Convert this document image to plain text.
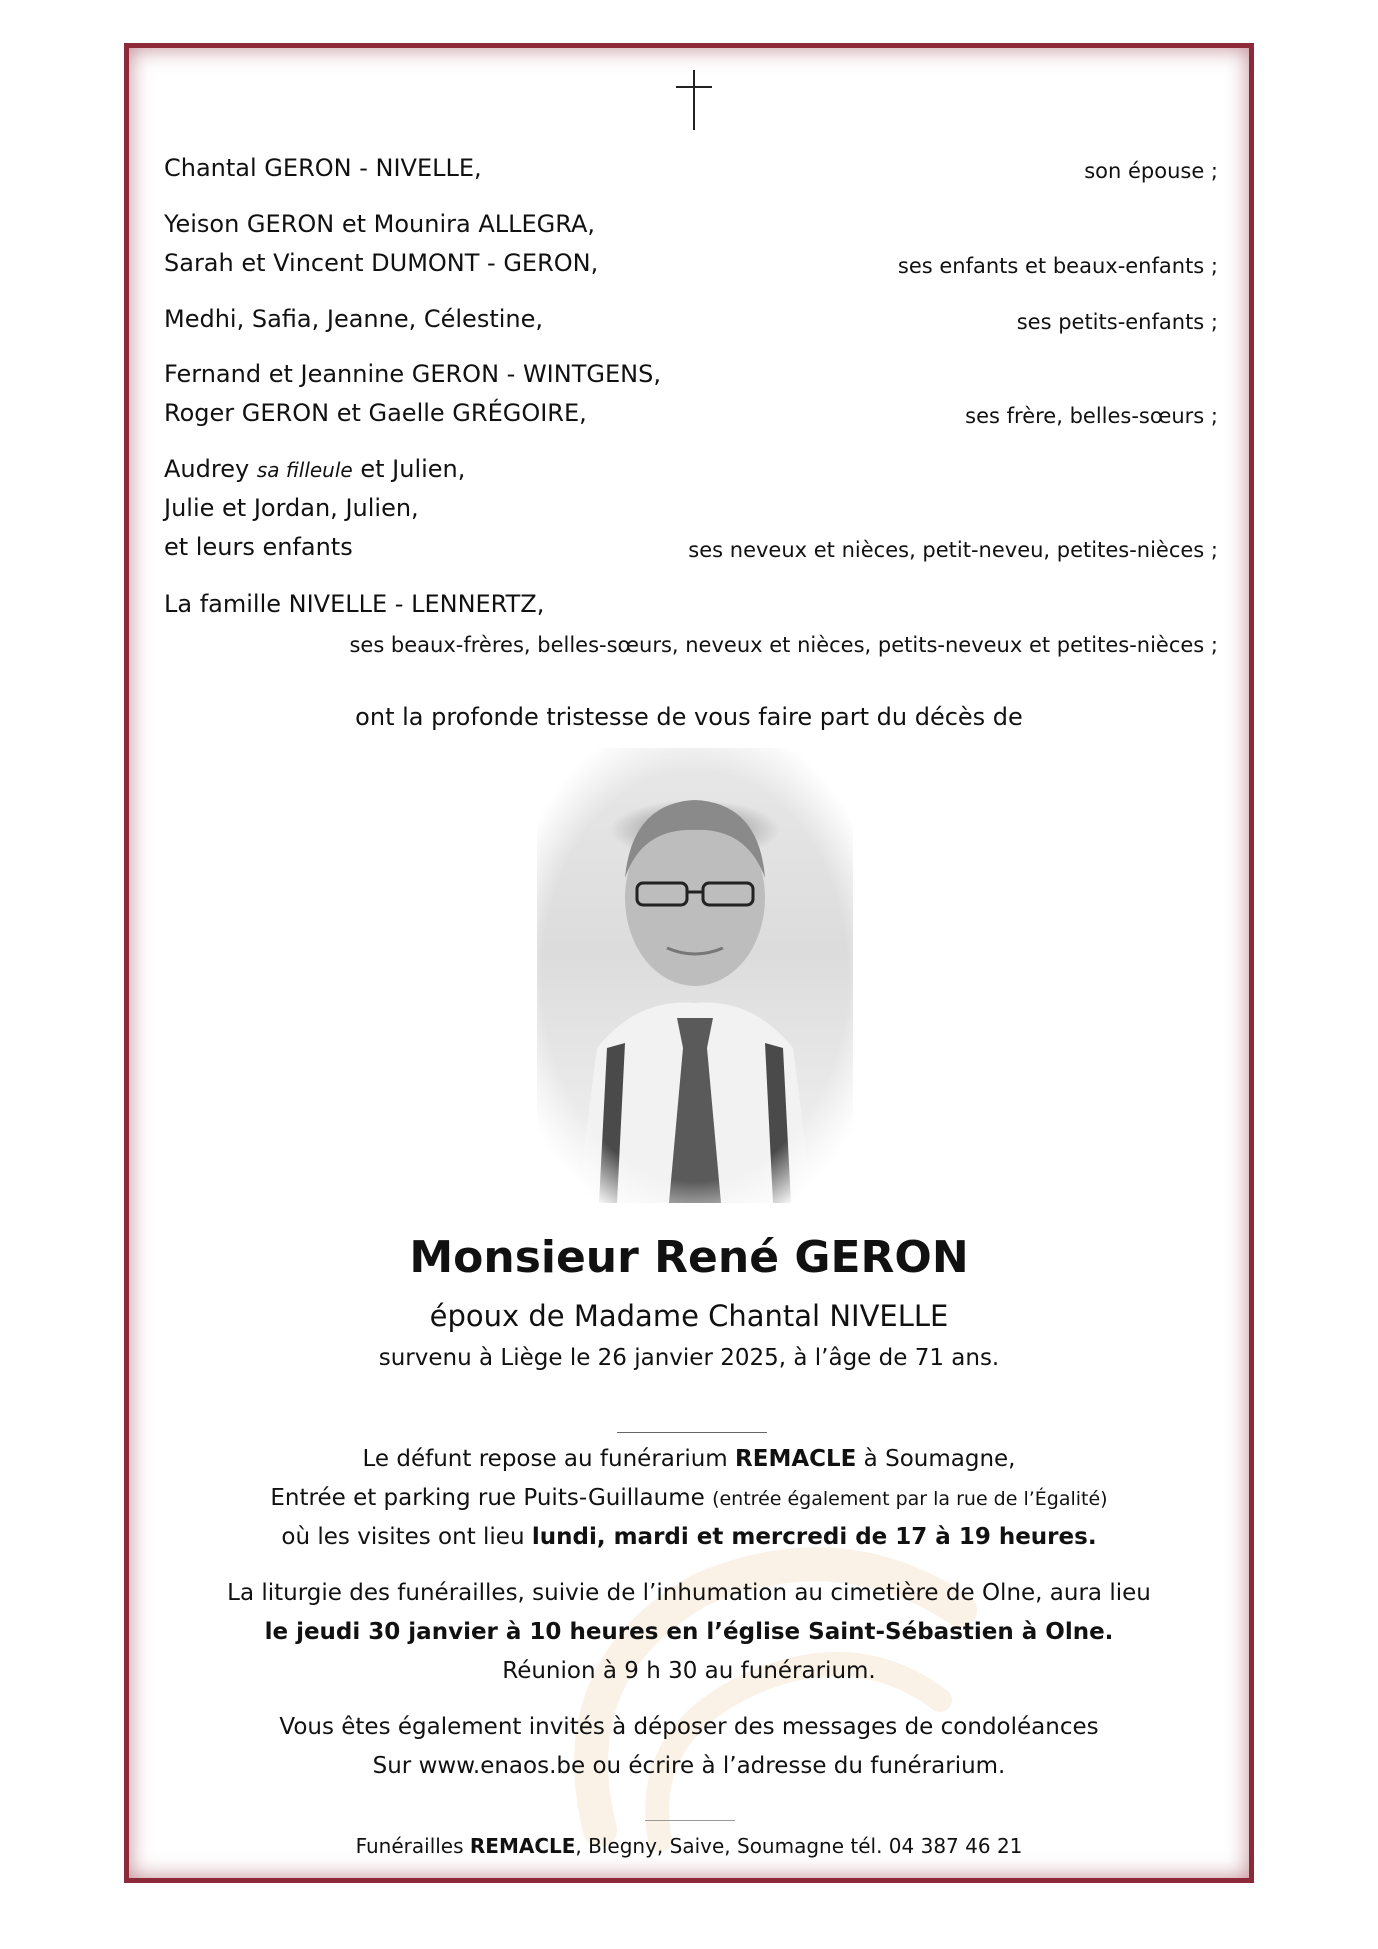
Chantal GERON - NIVELLE,	son épouse ;
Yeison GERON et Mounira ALLEGRA,
Sarah et Vincent DUMONT - GERON,	ses enfants et beaux-enfants ;
Medhi, Safia, Jeanne, Célestine,	ses petits-enfants ;
Fernand et Jeannine GERON - WINTGENS,
Roger GERON et Gaelle GRÉGOIRE,	ses frère, belles-sœurs ;
Audrey sa filleule et Julien,
Julie et Jordan, Julien,
et leurs enfants	ses neveux et nièces, petit-neveu, petites-nièces ;
La famille NIVELLE - LENNERTZ,
ses beaux-frères, belles-sœurs, neveux et nièces, petits-neveux et petites-nièces ;
ont la profonde tristesse de vous faire part du décès de
Monsieur René GERON
époux de Madame Chantal NIVELLE
survenu à Liège le 26 janvier 2025, à l’âge de 71 ans.
Le défunt repose au funérarium REMACLE à Soumagne,
Entrée et parking rue Puits-Guillaume (entrée également par la rue de l’Égalité)
où les visites ont lieu lundi, mardi et mercredi de 17 à 19 heures.
La liturgie des funérailles, suivie de l’inhumation au cimetière de Olne, aura lieu
le jeudi 30 janvier à 10 heures en l’église Saint-Sébastien à Olne.
Réunion à 9 h 30 au funérarium.
Vous êtes également invités à déposer des messages de condoléances
Sur www.enaos.be ou écrire à l’adresse du funérarium.
Funérailles REMACLE, Blegny, Saive, Soumagne tél. 04 387 46 21
